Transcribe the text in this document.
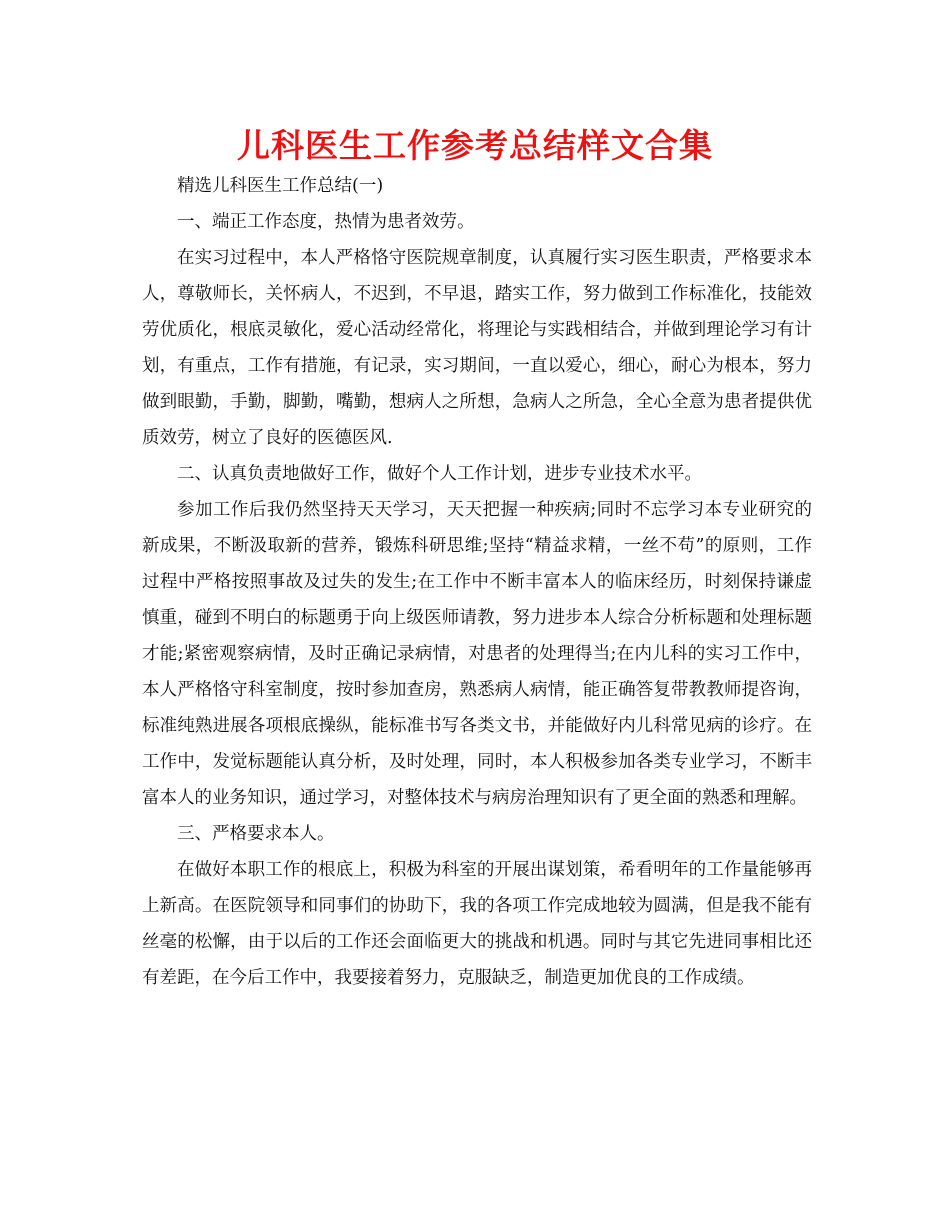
儿科医生工作参考总结样文合集

精选儿科医生工作总结(一)

一、端正工作态度，热情为患者效劳。

在实习过程中，本人严格恪守医院规章制度，认真履行实习医生职责，严格要求本人，尊敬师长，关怀病人，不迟到，不早退，踏实工作，努力做到工作标准化，技能效劳优质化，根底灵敏化，爱心活动经常化，将理论与实践相结合，并做到理论学习有计划，有重点，工作有措施，有记录，实习期间，一直以爱心，细心，耐心为根本，努力做到眼勤，手勤，脚勤，嘴勤，想病人之所想，急病人之所急，全心全意为患者提供优质效劳，树立了良好的医德医风.

二、认真负责地做好工作，做好个人工作计划，进步专业技术水平。

参加工作后我仍然坚持天天学习，天天把握一种疾病;同时不忘学习本专业研究的新成果，不断汲取新的营养，锻炼科研思维;坚持“精益求精，一丝不苟”的原则，工作过程中严格按照事故及过失的发生;在工作中不断丰富本人的临床经历，时刻保持谦虚慎重，碰到不明白的标题勇于向上级医师请教，努力进步本人综合分析标题和处理标题才能;紧密观察病情，及时正确记录病情，对患者的处理得当;在内儿科的实习工作中，本人严格恪守科室制度，按时参加查房，熟悉病人病情，能正确答复带教教师提咨询，标准纯熟进展各项根底操纵，能标准书写各类文书，并能做好内儿科常见病的诊疗。在工作中，发觉标题能认真分析，及时处理，同时，本人积极参加各类专业学习，不断丰富本人的业务知识，通过学习，对整体技术与病房治理知识有了更全面的熟悉和理解。

三、严格要求本人。

在做好本职工作的根底上，积极为科室的开展出谋划策，希看明年的工作量能够再上新高。在医院领导和同事们的协助下，我的各项工作完成地较为圆满，但是我不能有丝毫的松懈，由于以后的工作还会面临更大的挑战和机遇。同时与其它先进同事相比还有差距，在今后工作中，我要接着努力，克服缺乏，制造更加优良的工作成绩。
